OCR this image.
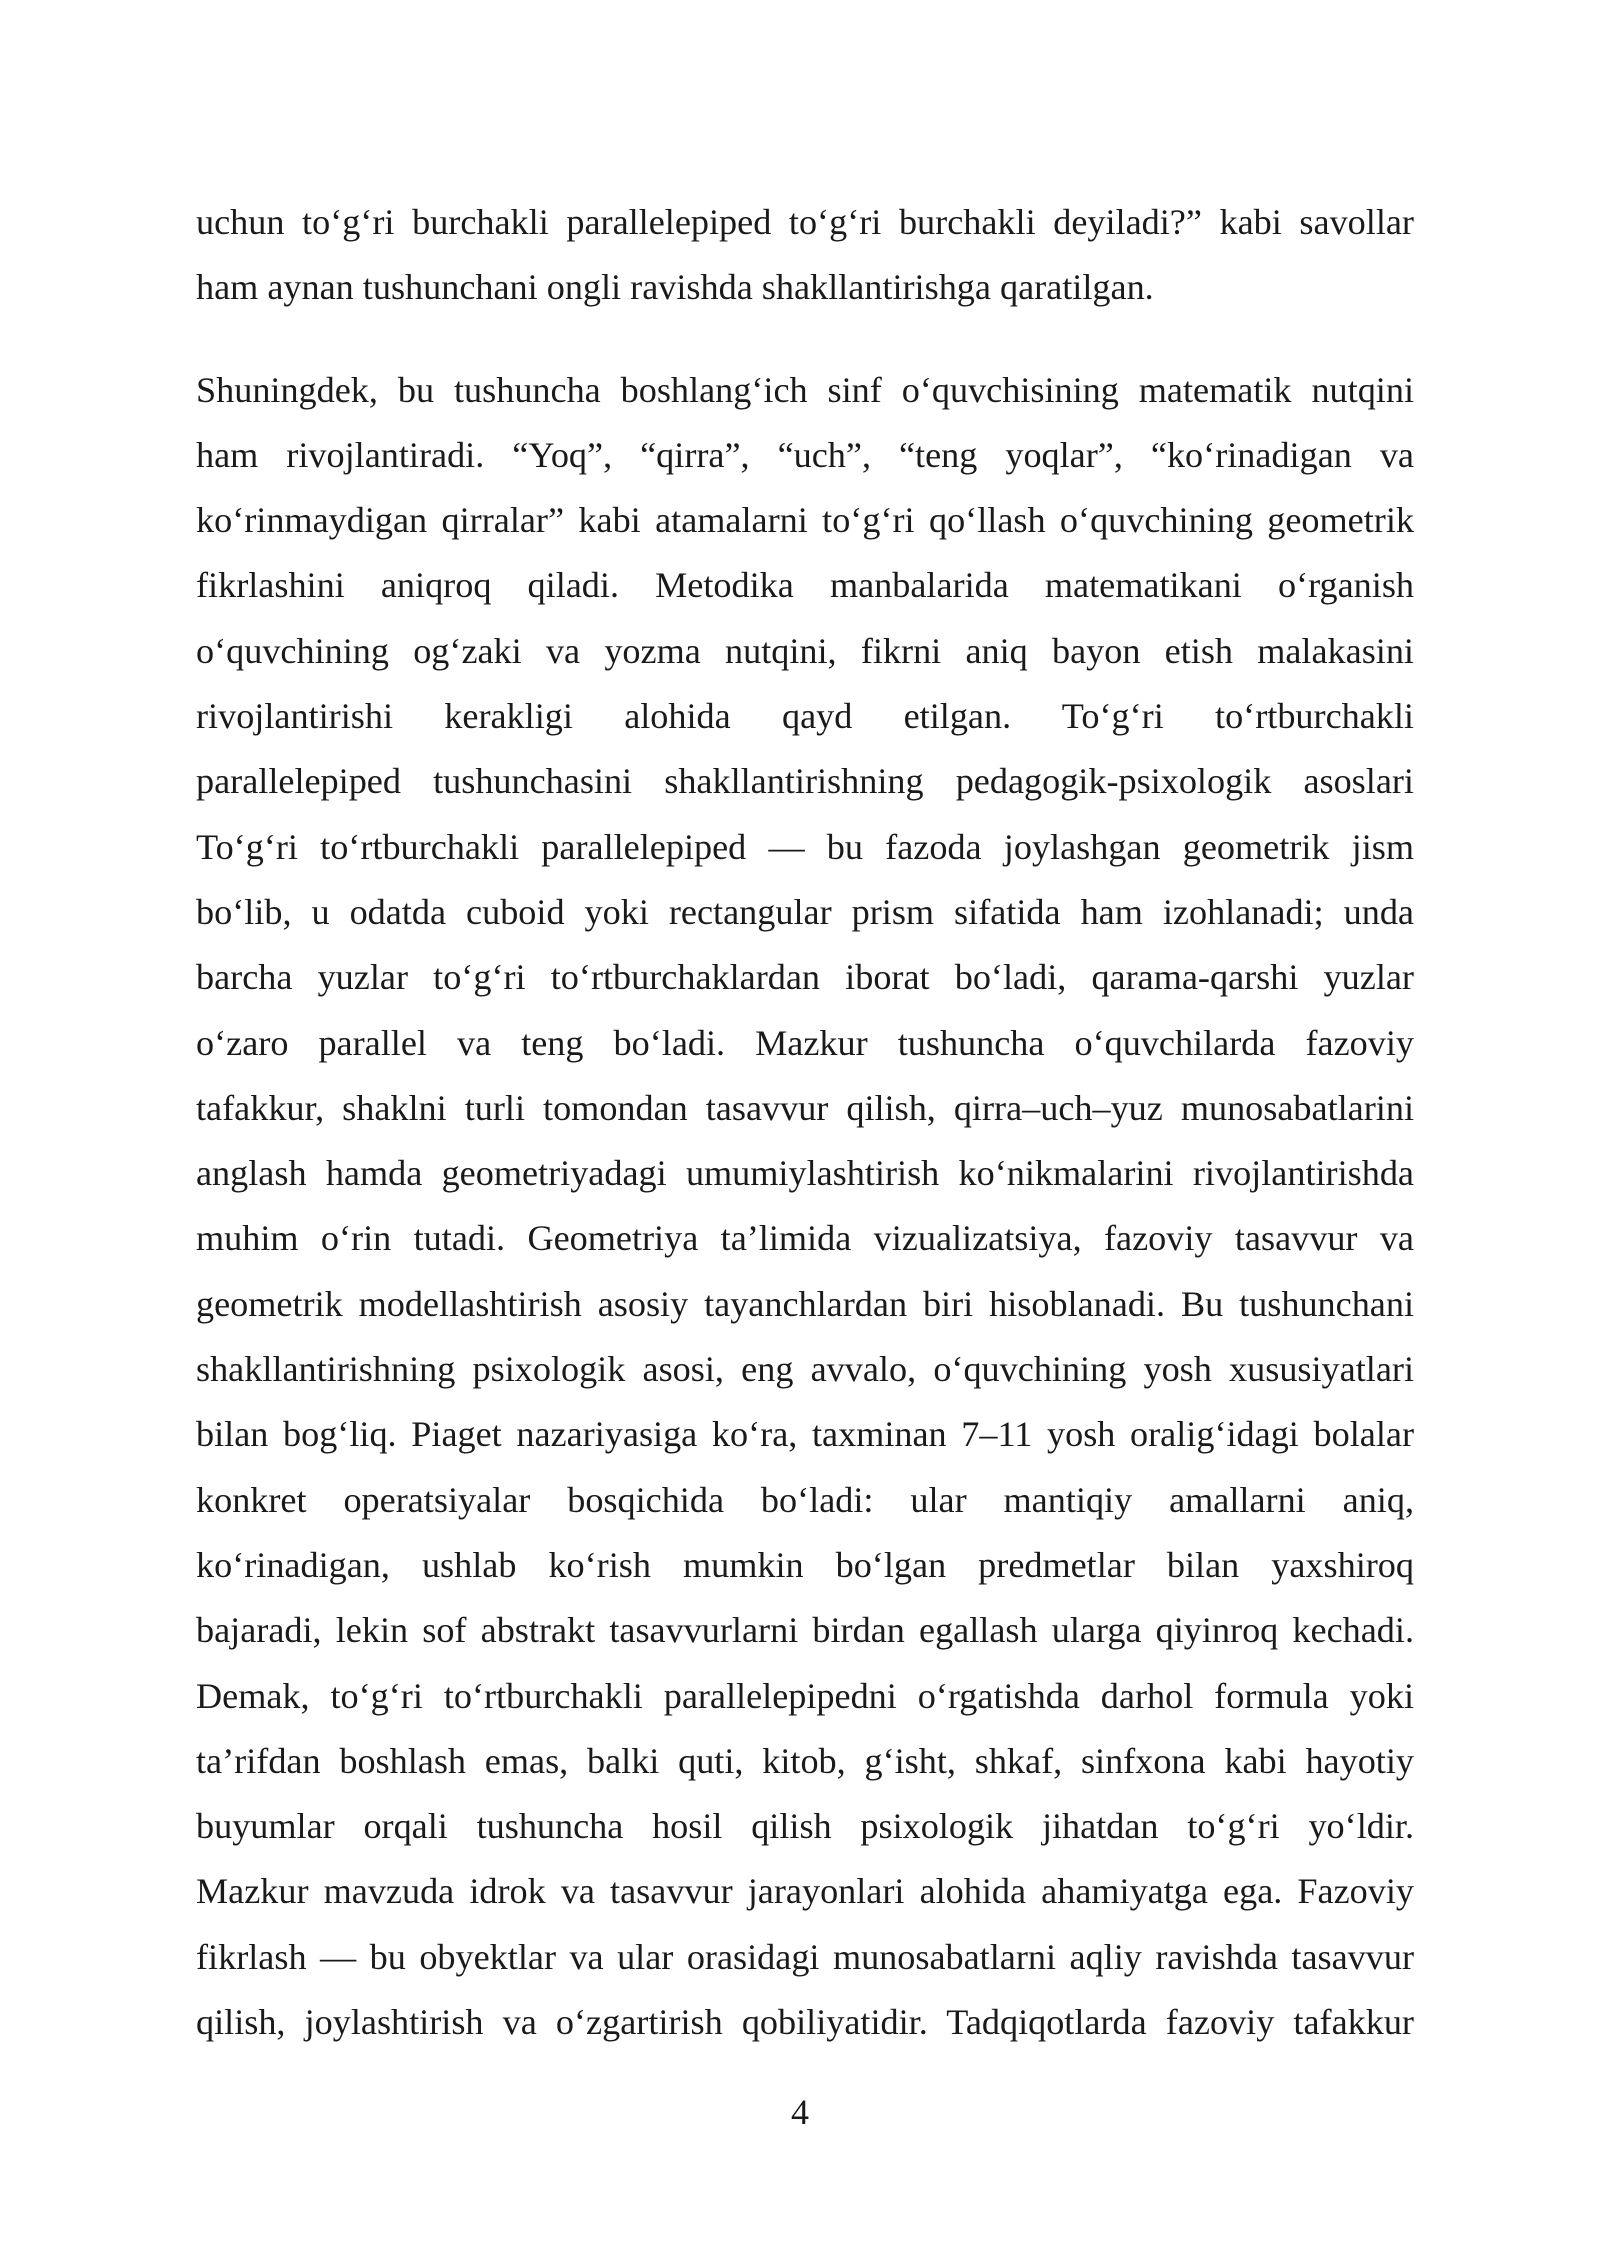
uchun to‘g‘ri burchakli parallelepiped to‘g‘ri burchakli deyiladi?” kabi savollar
ham aynan tushunchani ongli ravishda shakllantirishga qaratilgan.

Shuningdek, bu tushuncha boshlang‘ich sinf o‘quvchisining matematik nutqini
ham rivojlantiradi. “Yoq”, “qirra”, “uch”, “teng yoqlar”, “ko‘rinadigan va
ko‘rinmaydigan qirralar” kabi atamalarni to‘g‘ri qo‘llash o‘quvchining geometrik
fikrlashini aniqroq qiladi. Metodika manbalarida matematikani o‘rganish
o‘quvchining og‘zaki va yozma nutqini, fikrni aniq bayon etish malakasini
rivojlantirishi kerakligi alohida qayd etilgan. To‘g‘ri to‘rtburchakli
parallelepiped tushunchasini shakllantirishning pedagogik-psixologik asoslari
To‘g‘ri to‘rtburchakli parallelepiped — bu fazoda joylashgan geometrik jism
bo‘lib, u odatda cuboid yoki rectangular prism sifatida ham izohlanadi; unda
barcha yuzlar to‘g‘ri to‘rtburchaklardan iborat bo‘ladi, qarama-qarshi yuzlar
o‘zaro parallel va teng bo‘ladi. Mazkur tushuncha o‘quvchilarda fazoviy
tafakkur, shaklni turli tomondan tasavvur qilish, qirra–uch–yuz munosabatlarini
anglash hamda geometriyadagi umumiylashtirish ko‘nikmalarini rivojlantirishda
muhim o‘rin tutadi. Geometriya ta’limida vizualizatsiya, fazoviy tasavvur va
geometrik modellashtirish asosiy tayanchlardan biri hisoblanadi. Bu tushunchani
shakllantirishning psixologik asosi, eng avvalo, o‘quvchining yosh xususiyatlari
bilan bog‘liq. Piaget nazariyasiga ko‘ra, taxminan 7–11 yosh oralig‘idagi bolalar
konkret operatsiyalar bosqichida bo‘ladi: ular mantiqiy amallarni aniq,
ko‘rinadigan, ushlab ko‘rish mumkin bo‘lgan predmetlar bilan yaxshiroq
bajaradi, lekin sof abstrakt tasavvurlarni birdan egallash ularga qiyinroq kechadi.
Demak, to‘g‘ri to‘rtburchakli parallelepipedni o‘rgatishda darhol formula yoki
ta’rifdan boshlash emas, balki quti, kitob, g‘isht, shkaf, sinfxona kabi hayotiy
buyumlar orqali tushuncha hosil qilish psixologik jihatdan to‘g‘ri yo‘ldir.
Mazkur mavzuda idrok va tasavvur jarayonlari alohida ahamiyatga ega. Fazoviy
fikrlash — bu obyektlar va ular orasidagi munosabatlarni aqliy ravishda tasavvur
qilish, joylashtirish va o‘zgartirish qobiliyatidir. Tadqiqotlarda fazoviy tafakkur

4
